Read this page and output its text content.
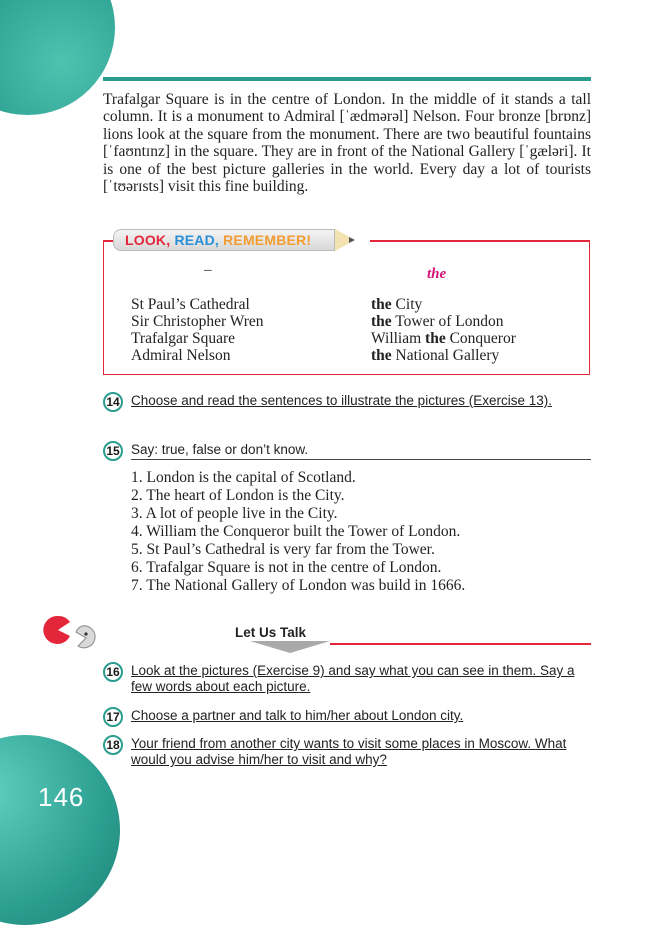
146

Trafalgar Square is in the centre of London. In the middle of it stands a tall column. It is a monument to Admiral [ˈædmərəl] Nelson. Four bronze [brɒnz] lions look at the square from the monument. There are two beautiful fountains [ˈfaʊntɪnz] in the square. They are in front of the National Gallery [ˈgæləri]. It is one of the best picture galleries in the world. Every day a lot of tourists [ˈtʊərɪsts] visit this fine building.

LOOK, READ, REMEMBER!
–	the
St Paul’s Cathedral
Sir Christopher Wren
Trafalgar Square
Admiral Nelson
the City
the Tower of London
William the Conqueror
the National Gallery
14 Choose and read the sentences to illustrate the pictures (Exercise 13).
15 Say: true, false or don’t know.
1. London is the capital of Scotland.
2. The heart of London is the City.
3. A lot of people live in the City.
4. William the Conqueror built the Tower of London.
5. St Paul’s Cathedral is very far from the Tower.
6. Trafalgar Square is not in the centre of London.
7. The National Gallery of London was build in 1666.
Let Us Talk
16 Look at the pictures (Exercise 9) and say what you can see in them. Say a few words about each picture.
17 Choose a partner and talk to him/her about London city.
18 Your friend from another city wants to visit some places in Moscow. What would you advise him/her to visit and why?
